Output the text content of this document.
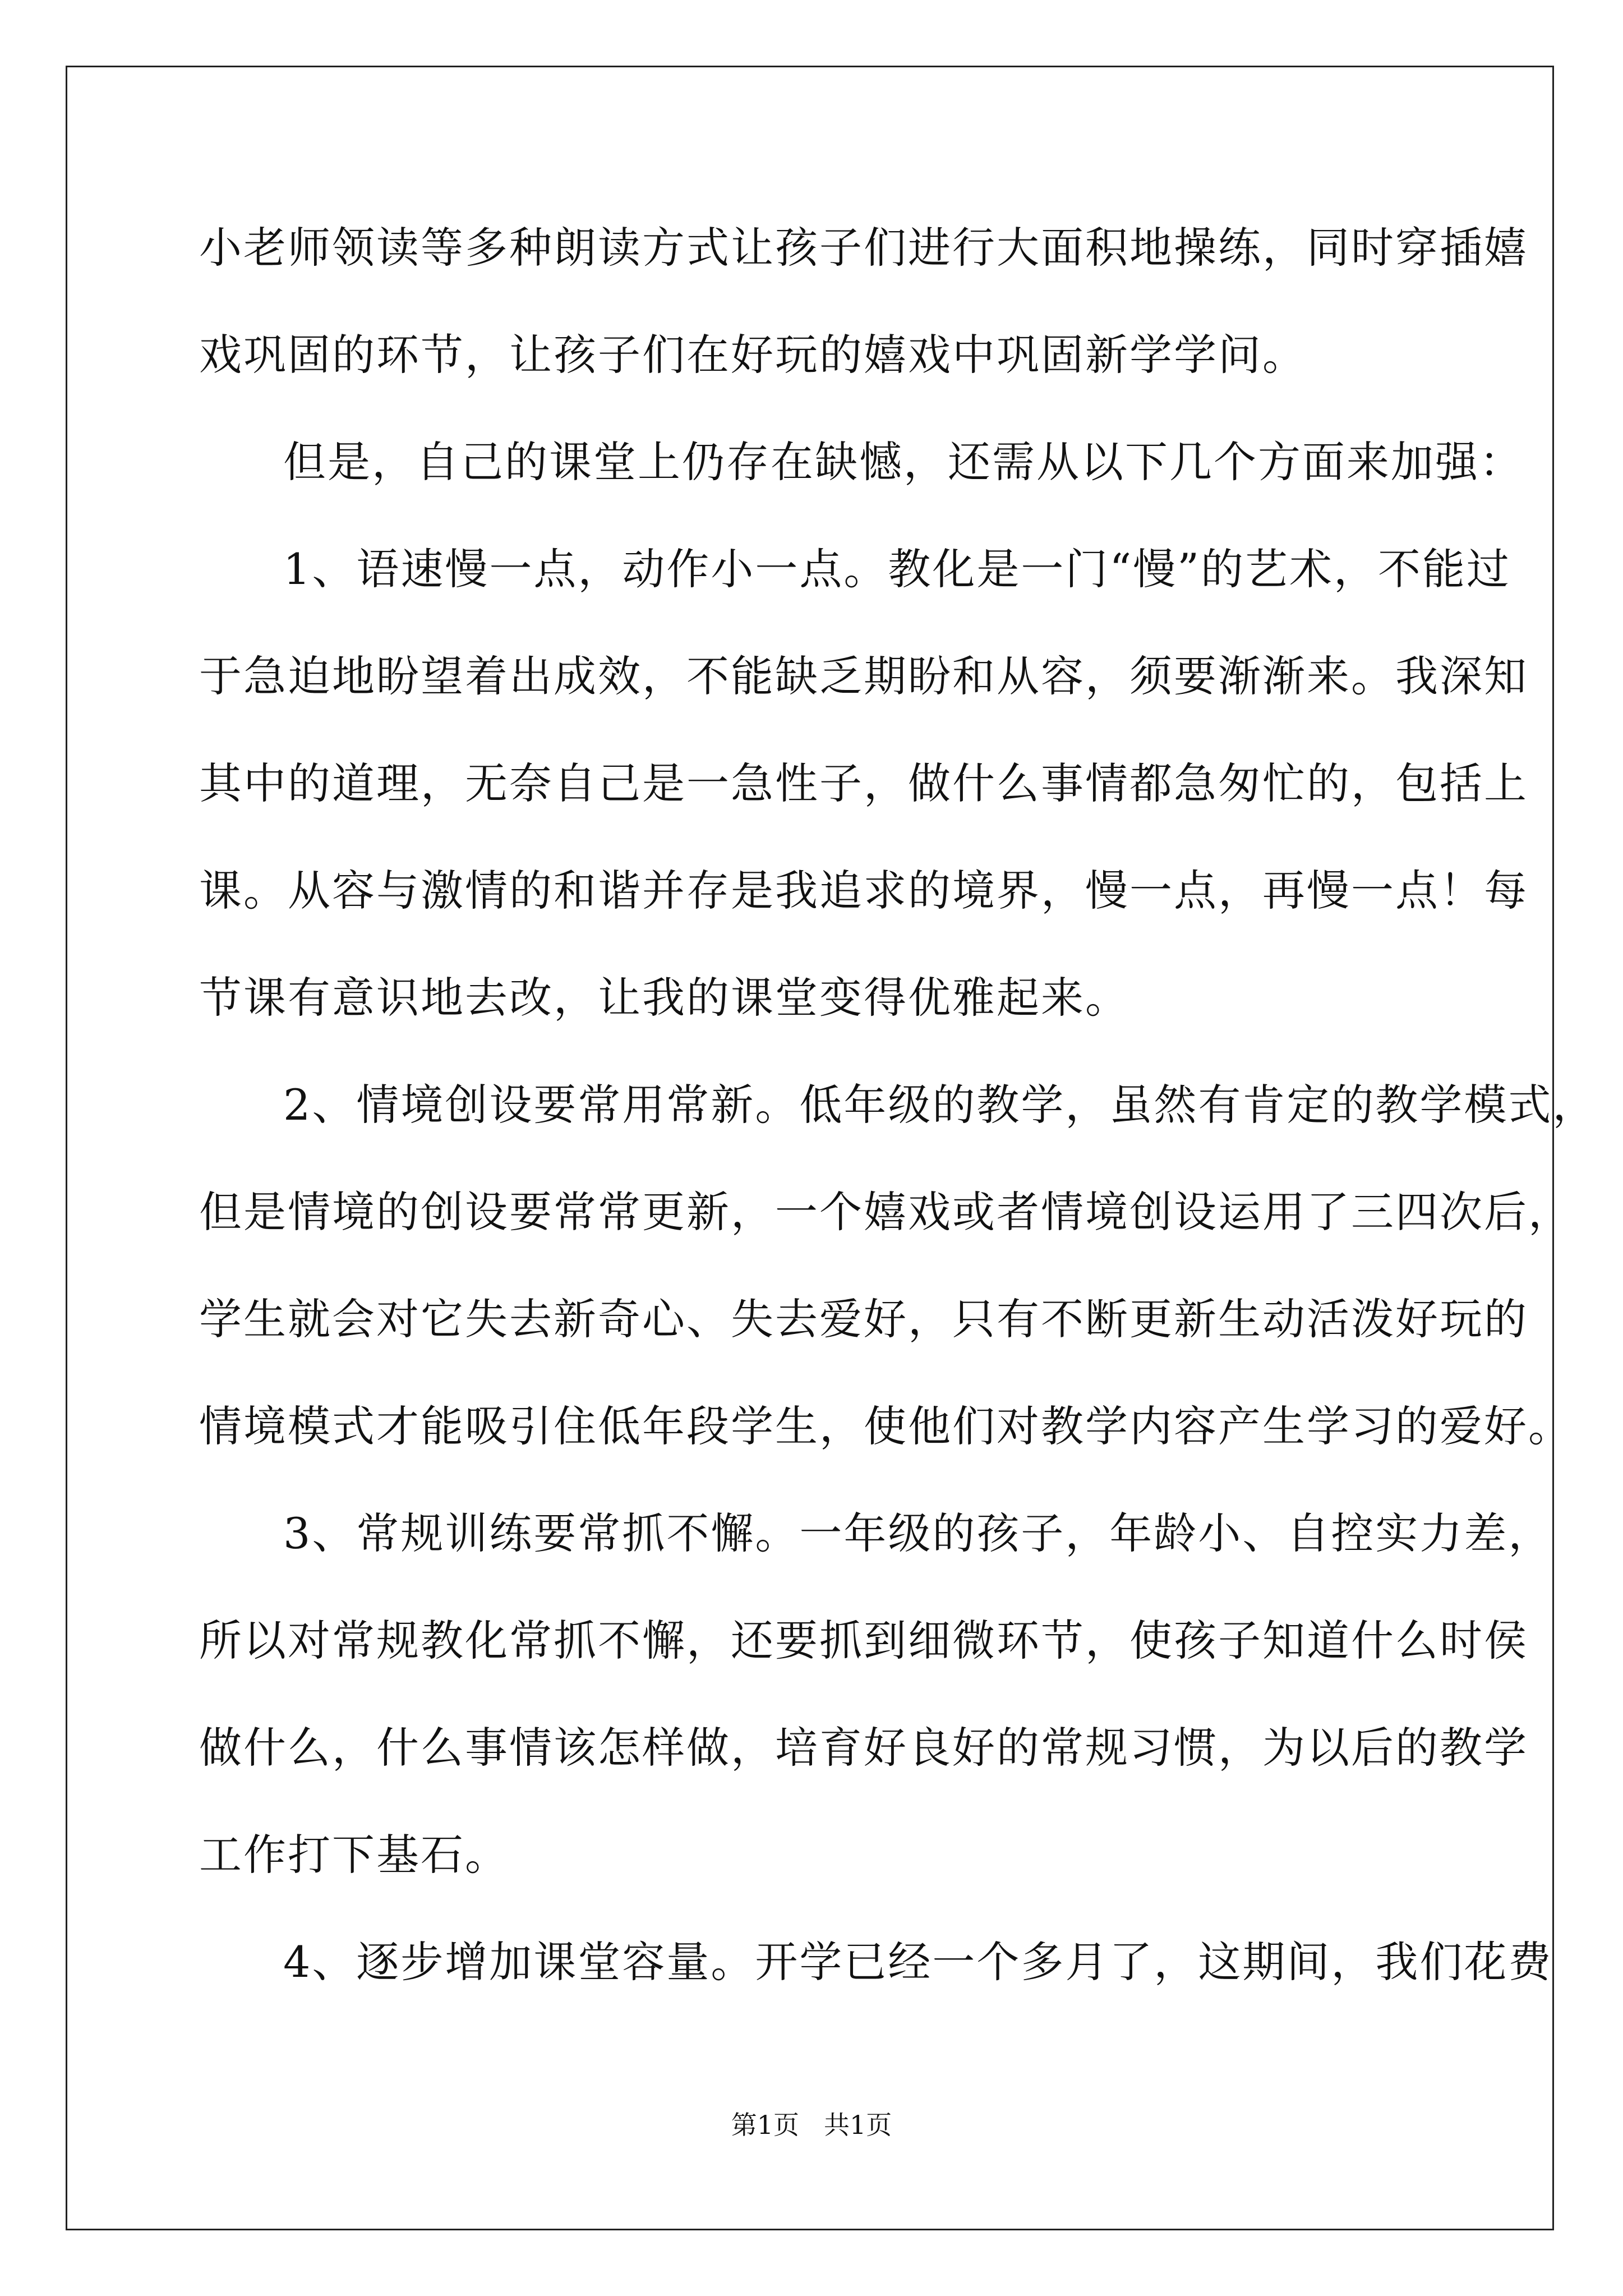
小老师领读等多种朗读方式让孩子们进行大面积地操练，同时穿插嬉
戏巩固的环节，让孩子们在好玩的嬉戏中巩固新学学问。
但是，自己的课堂上仍存在缺憾，还需从以下几个方面来加强：
1、语速慢一点，动作小一点。教化是一门“慢”的艺术，不能过
于急迫地盼望着出成效，不能缺乏期盼和从容，须要渐渐来。我深知
其中的道理，无奈自己是一急性子，做什么事情都急匆忙的，包括上
课。从容与激情的和谐并存是我追求的境界，慢一点，再慢一点！每
节课有意识地去改，让我的课堂变得优雅起来。
2、情境创设要常用常新。低年级的教学，虽然有肯定的教学模式，
但是情境的创设要常常更新，一个嬉戏或者情境创设运用了三四次后，
学生就会对它失去新奇心、失去爱好，只有不断更新生动活泼好玩的
情境模式才能吸引住低年段学生，使他们对教学内容产生学习的爱好。
3、常规训练要常抓不懈。一年级的孩子，年龄小、自控实力差，
所以对常规教化常抓不懈，还要抓到细微环节，使孩子知道什么时侯
做什么，什么事情该怎样做，培育好良好的常规习惯，为以后的教学
工作打下基石。
4、逐步增加课堂容量。开学已经一个多月了，这期间，我们花费
第1页 共1页
